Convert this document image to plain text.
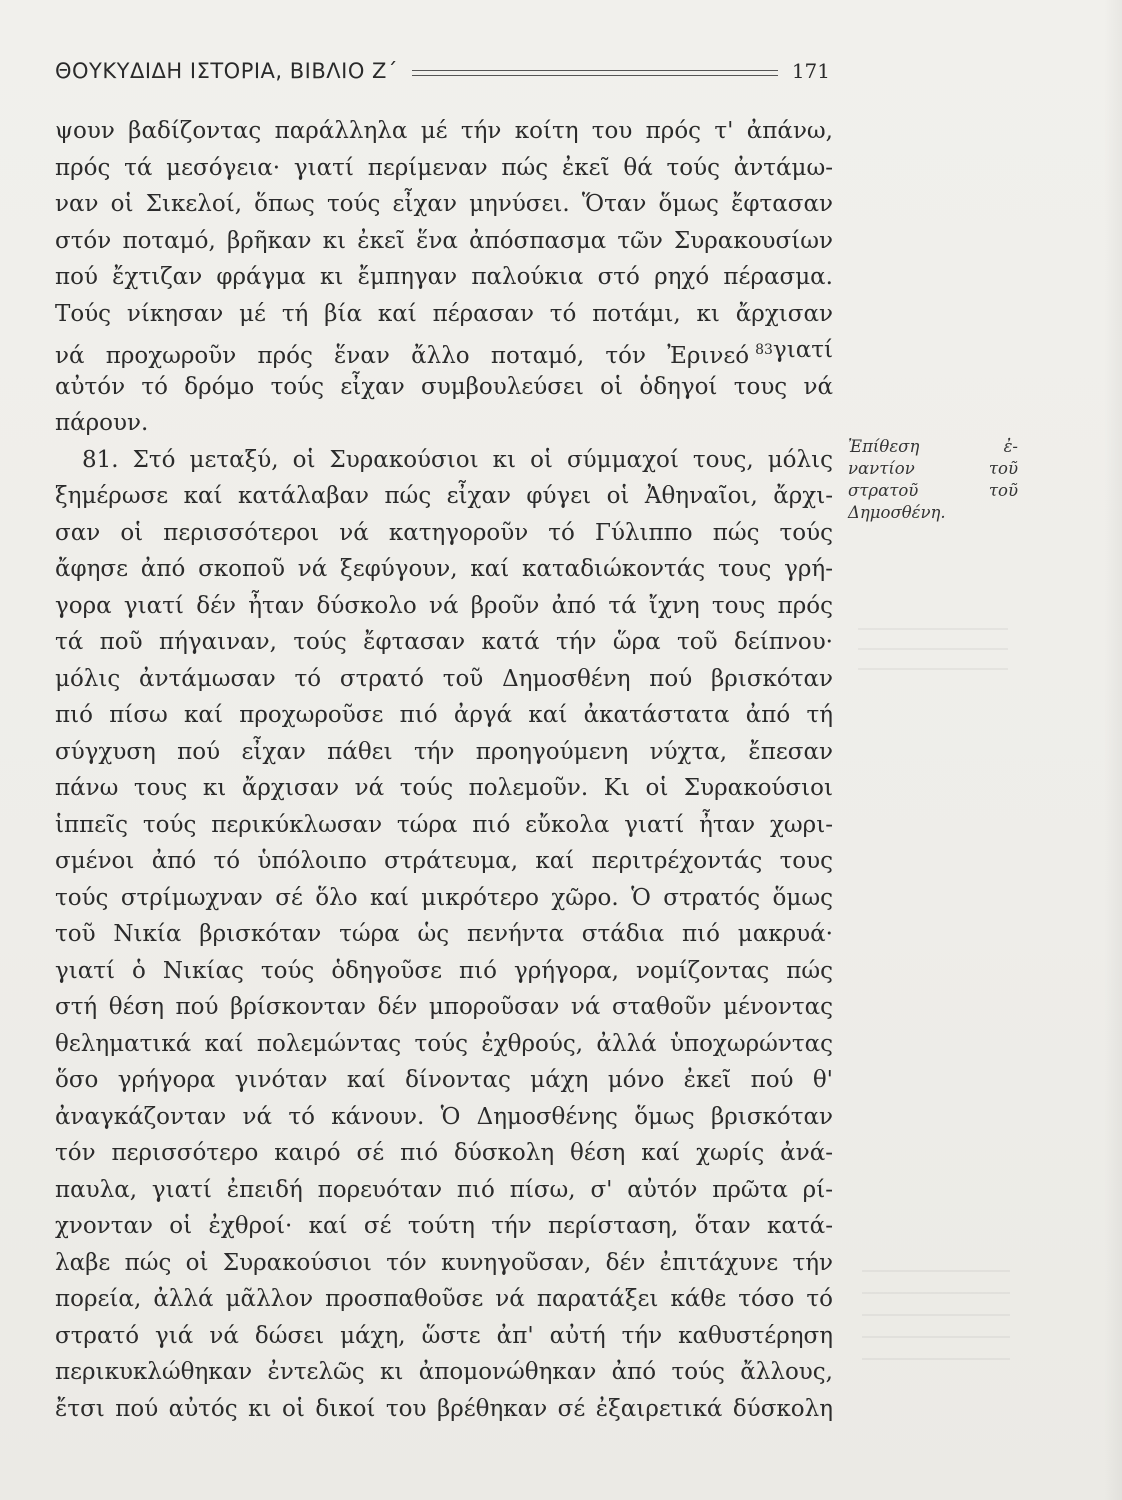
ΘΟΥΚΥΔΙΔΗ ΙΣΤΟΡΙΑ, ΒΙΒΛΙΟ Ζ΄	171
ψουν βαδίζοντας παράλληλα μέ τήν κοίτη του πρός τ' ἀπάνω,
πρός τά μεσόγεια· γιατί περίμεναν πώς ἐκεῖ θά τούς ἀντάμω-
ναν οἱ Σικελοί, ὅπως τούς εἶχαν μηνύσει. Ὅταν ὅμως ἔφτασαν
στόν ποταμό, βρῆκαν κι ἐκεῖ ἕνα ἀπόσπασμα τῶν Συρακουσίων
πού ἔχτιζαν φράγμα κι ἔμπηγαν παλούκια στό ρηχό πέρασμα.
Τούς νίκησαν μέ τή βία καί πέρασαν τό ποτάμι, κι ἄρχισαν
νά προχωροῦν πρός ἕναν ἄλλο ποταμό, τόν Ἐρινεό $^{83}$ γιατί
αὐτόν τό δρόμο τούς εἶχαν συμβουλεύσει οἱ ὁδηγοί τους νά
πάρουν.
81. Στό μεταξύ, οἱ Συρακούσιοι κι οἱ σύμμαχοί τους, μόλις
ξημέρωσε καί κατάλαβαν πώς εἶχαν φύγει οἱ Ἀθηναῖοι, ἄρχι-
σαν οἱ περισσότεροι νά κατηγοροῦν τό Γύλιππο πώς τούς
ἄφησε ἀπό σκοποῦ νά ξεφύγουν, καί καταδιώκοντάς τους γρή-
γορα γιατί δέν ἦταν δύσκολο νά βροῦν ἀπό τά ἴχνη τους πρός
τά ποῦ πήγαιναν, τούς ἔφτασαν κατά τήν ὥρα τοῦ δείπνου·
μόλις ἀντάμωσαν τό στρατό τοῦ Δημοσθένη πού βρισκόταν
πιό πίσω καί προχωροῦσε πιό ἀργά καί ἀκατάστατα ἀπό τή
σύγχυση πού εἶχαν πάθει τήν προηγούμενη νύχτα, ἔπεσαν
πάνω τους κι ἄρχισαν νά τούς πολεμοῦν. Κι οἱ Συρακούσιοι
ἱππεῖς τούς περικύκλωσαν τώρα πιό εὔκολα γιατί ἦταν χωρι-
σμένοι ἀπό τό ὑπόλοιπο στράτευμα, καί περιτρέχοντάς τους
τούς στρίμωχναν σέ ὅλο καί μικρότερο χῶρο. Ὁ στρατός ὅμως
τοῦ Νικία βρισκόταν τώρα ὡς πενήντα στάδια πιό μακρυά·
γιατί ὁ Νικίας τούς ὁδηγοῦσε πιό γρήγορα, νομίζοντας πώς
στή θέση πού βρίσκονταν δέν μποροῦσαν νά σταθοῦν μένοντας
θεληματικά καί πολεμώντας τούς ἐχθρούς, ἀλλά ὑποχωρώντας
ὅσο γρήγορα γινόταν καί δίνοντας μάχη μόνο ἐκεῖ πού θ'
ἀναγκάζονταν νά τό κάνουν. Ὁ Δημοσθένης ὅμως βρισκόταν
τόν περισσότερο καιρό σέ πιό δύσκολη θέση καί χωρίς ἀνά-
παυλα, γιατί ἐπειδή πορευόταν πιό πίσω, σ' αὐτόν πρῶτα ρί-
χνονταν οἱ ἐχθροί· καί σέ τούτη τήν περίσταση, ὅταν κατά-
λαβε πώς οἱ Συρακούσιοι τόν κυνηγοῦσαν, δέν ἐπιτάχυνε τήν
πορεία, ἀλλά μᾶλλον προσπαθοῦσε νά παρατάξει κάθε τόσο τό
στρατό γιά νά δώσει μάχη, ὥστε ἀπ' αὐτή τήν καθυστέρηση
περικυκλώθηκαν ἐντελῶς κι ἀπομονώθηκαν ἀπό τούς ἄλλους,
ἔτσι πού αὐτός κι οἱ δικοί του βρέθηκαν σέ ἐξαιρετικά δύσκολη
Ἐπίθεση ἐ-
ναντίον τοῦ
στρατοῦ τοῦ
Δημοσθένη.
